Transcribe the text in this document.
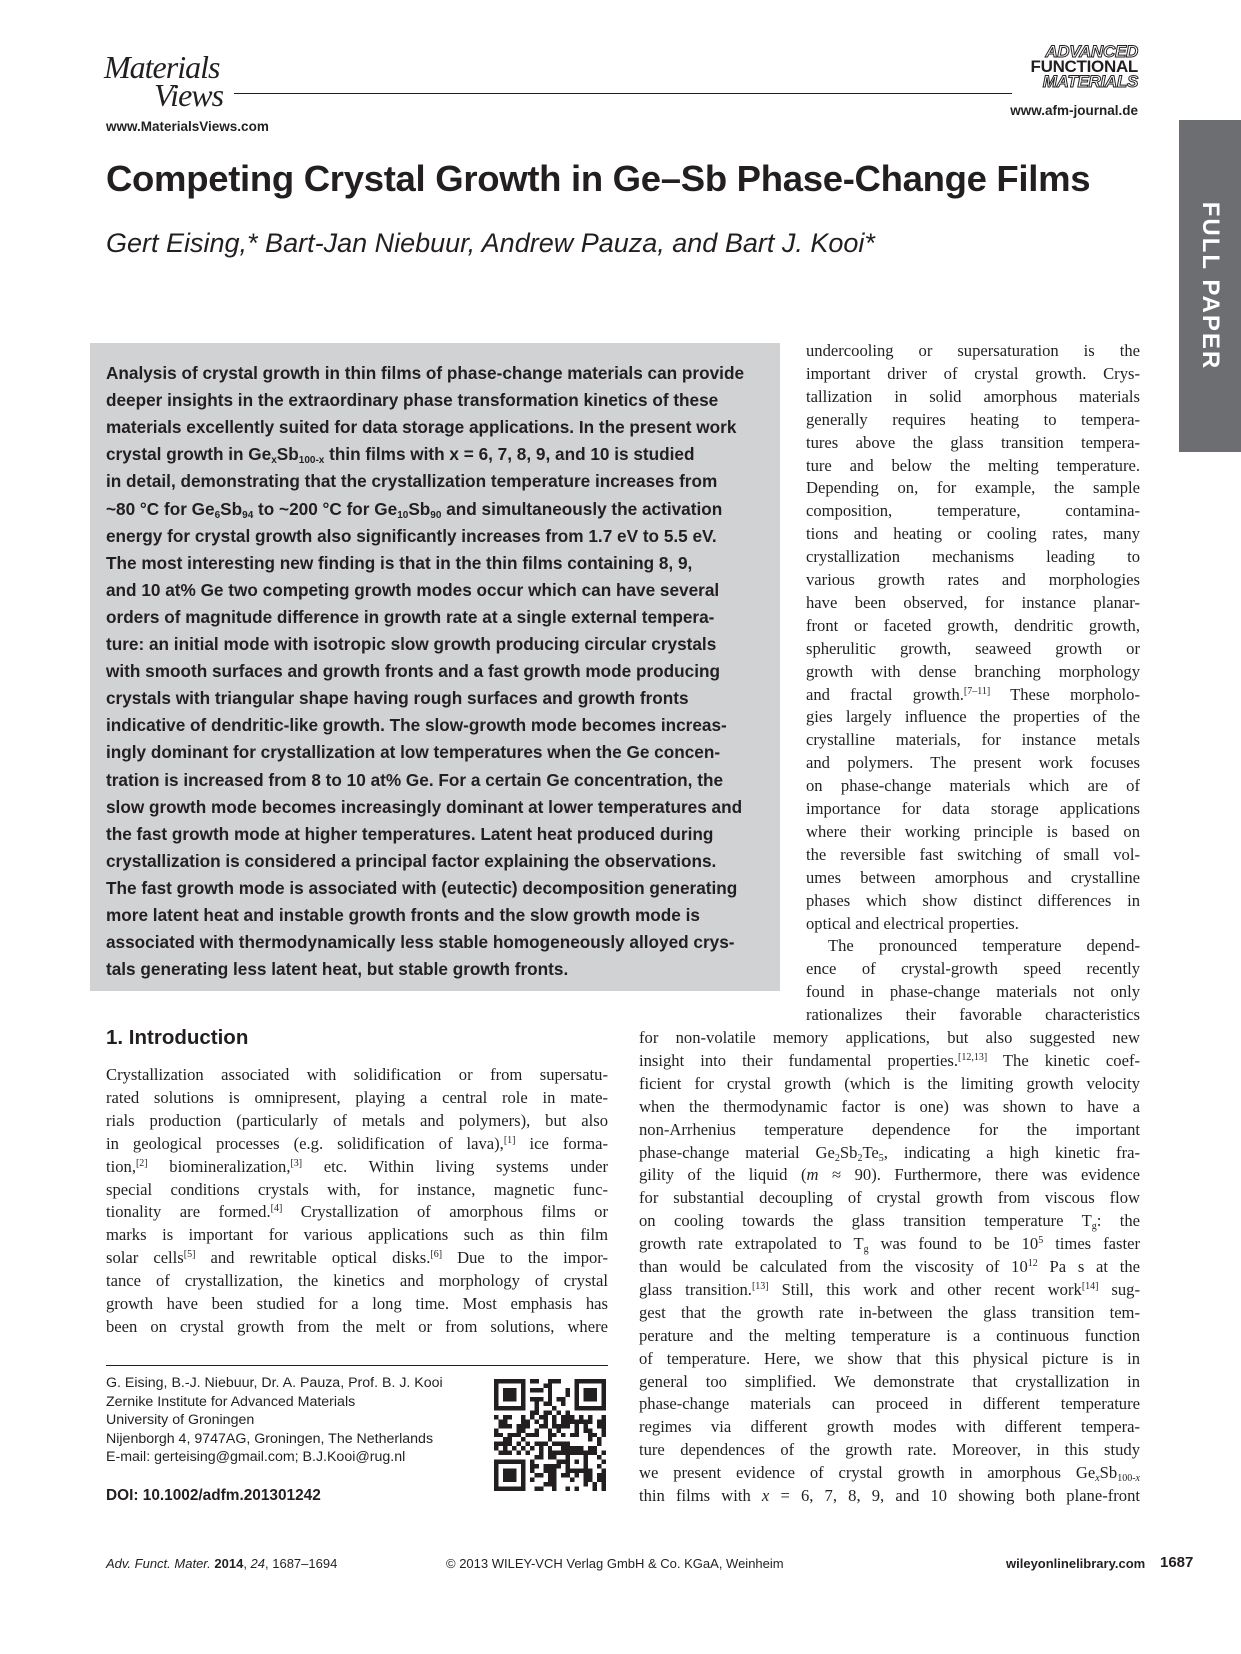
Materials
Views
www.MaterialsViews.com
ADVANCED
FUNCTIONAL
MATERIALS
www.afm-journal.de
FULL PAPER
Competing Crystal Growth in Ge–Sb Phase-Change Films
Gert Eising,* Bart-Jan Niebuur, Andrew Pauza, and Bart J. Kooi*
Analysis of crystal growth in thin films of phase-change materials can provide
deeper insights in the extraordinary phase transformation kinetics of these
materials excellently suited for data storage applications. In the present work
crystal growth in $Ge_xSb_{100-x}$ thin films with x = 6, 7, 8, 9, and 10 is studied
in detail, demonstrating that the crystallization temperature increases from
~80 °C for $Ge_6Sb_{94}$ to ~200 °C for $Ge_{10}Sb_{90}$ and simultaneously the activation
energy for crystal growth also significantly increases from 1.7 eV to 5.5 eV.
The most interesting new finding is that in the thin films containing 8, 9,
and 10 at% Ge two competing growth modes occur which can have several
orders of magnitude difference in growth rate at a single external tempera-
ture: an initial mode with isotropic slow growth producing circular crystals
with smooth surfaces and growth fronts and a fast growth mode producing
crystals with triangular shape having rough surfaces and growth fronts
indicative of dendritic-like growth. The slow-growth mode becomes increas-
ingly dominant for crystallization at low temperatures when the Ge concen-
tration is increased from 8 to 10 at% Ge. For a certain Ge concentration, the
slow growth mode becomes increasingly dominant at lower temperatures and
the fast growth mode at higher temperatures. Latent heat produced during
crystallization is considered a principal factor explaining the observations.
The fast growth mode is associated with (eutectic) decomposition generating
more latent heat and instable growth fronts and the slow growth mode is
associated with thermodynamically less stable homogeneously alloyed crys-
tals generating less latent heat, but stable growth fronts.
1. Introduction
Crystallization associated with solidification or from supersatu-
rated solutions is omnipresent, playing a central role in mate-
rials production (particularly of metals and polymers), but also
in geological processes (e.g. solidification of lava),[1] ice forma-
tion,[2] biomineralization,[3] etc. Within living systems under
special conditions crystals with, for instance, magnetic func-
tionality are formed.[4] Crystallization of amorphous films or
marks is important for various applications such as thin film
solar cells[5] and rewritable optical disks.[6] Due to the impor-
tance of crystallization, the kinetics and morphology of crystal
growth have been studied for a long time. Most emphasis has
been on crystal growth from the melt or from solutions, where
undercooling or supersaturation is the
important driver of crystal growth. Crys-
tallization in solid amorphous materials
generally requires heating to tempera-
tures above the glass transition tempera-
ture and below the melting temperature.
Depending on, for example, the sample
composition, temperature, contamina-
tions and heating or cooling rates, many
crystallization mechanisms leading to
various growth rates and morphologies
have been observed, for instance planar-
front or faceted growth, dendritic growth,
spherulitic growth, seaweed growth or
growth with dense branching morphology
and fractal growth.[7–11] These morpholo-
gies largely influence the properties of the
crystalline materials, for instance metals
and polymers. The present work focuses
on phase-change materials which are of
importance for data storage applications
where their working principle is based on
the reversible fast switching of small vol-
umes between amorphous and crystalline
phases which show distinct differences in
optical and electrical properties.
The pronounced temperature depend-
ence of crystal-growth speed recently
found in phase-change materials not only
rationalizes their favorable characteristics
for non-volatile memory applications, but also suggested new
insight into their fundamental properties.[12,13] The kinetic coef-
ficient for crystal growth (which is the limiting growth velocity
when the thermodynamic factor is one) was shown to have a
non-Arrhenius temperature dependence for the important
phase-change material $Ge_2Sb_2Te_5$, indicating a high kinetic fra-
gility of the liquid (m ≈ 90). Furthermore, there was evidence
for substantial decoupling of crystal growth from viscous flow
on cooling towards the glass transition temperature $T_g$: the
growth rate extrapolated to $T_g$ was found to be $10^5$ times faster
than would be calculated from the viscosity of $10^{12}$ Pa s at the
glass transition.[13] Still, this work and other recent work[14] sug-
gest that the growth rate in-between the glass transition tem-
perature and the melting temperature is a continuous function
of temperature. Here, we show that this physical picture is in
general too simplified. We demonstrate that crystallization in
phase-change materials can proceed in different temperature
regimes via different growth modes with different tempera-
ture dependences of the growth rate. Moreover, in this study
we present evidence of crystal growth in amorphous $Ge_xSb_{100-x}$
thin films with x = 6, 7, 8, 9, and 10 showing both plane-front
G. Eising, B.-J. Niebuur, Dr. A. Pauza, Prof. B. J. Kooi
Zernike Institute for Advanced Materials
University of Groningen
Nijenborgh 4, 9747AG, Groningen, The Netherlands
E-mail: gerteising@gmail.com; B.J.Kooi@rug.nl
DOI: 10.1002/adfm.201301242
Adv. Funct. Mater. 2014, 24, 1687–1694	© 2013 WILEY-VCH Verlag GmbH & Co. KGaA, Weinheim	wileyonlinelibrary.com 1687
